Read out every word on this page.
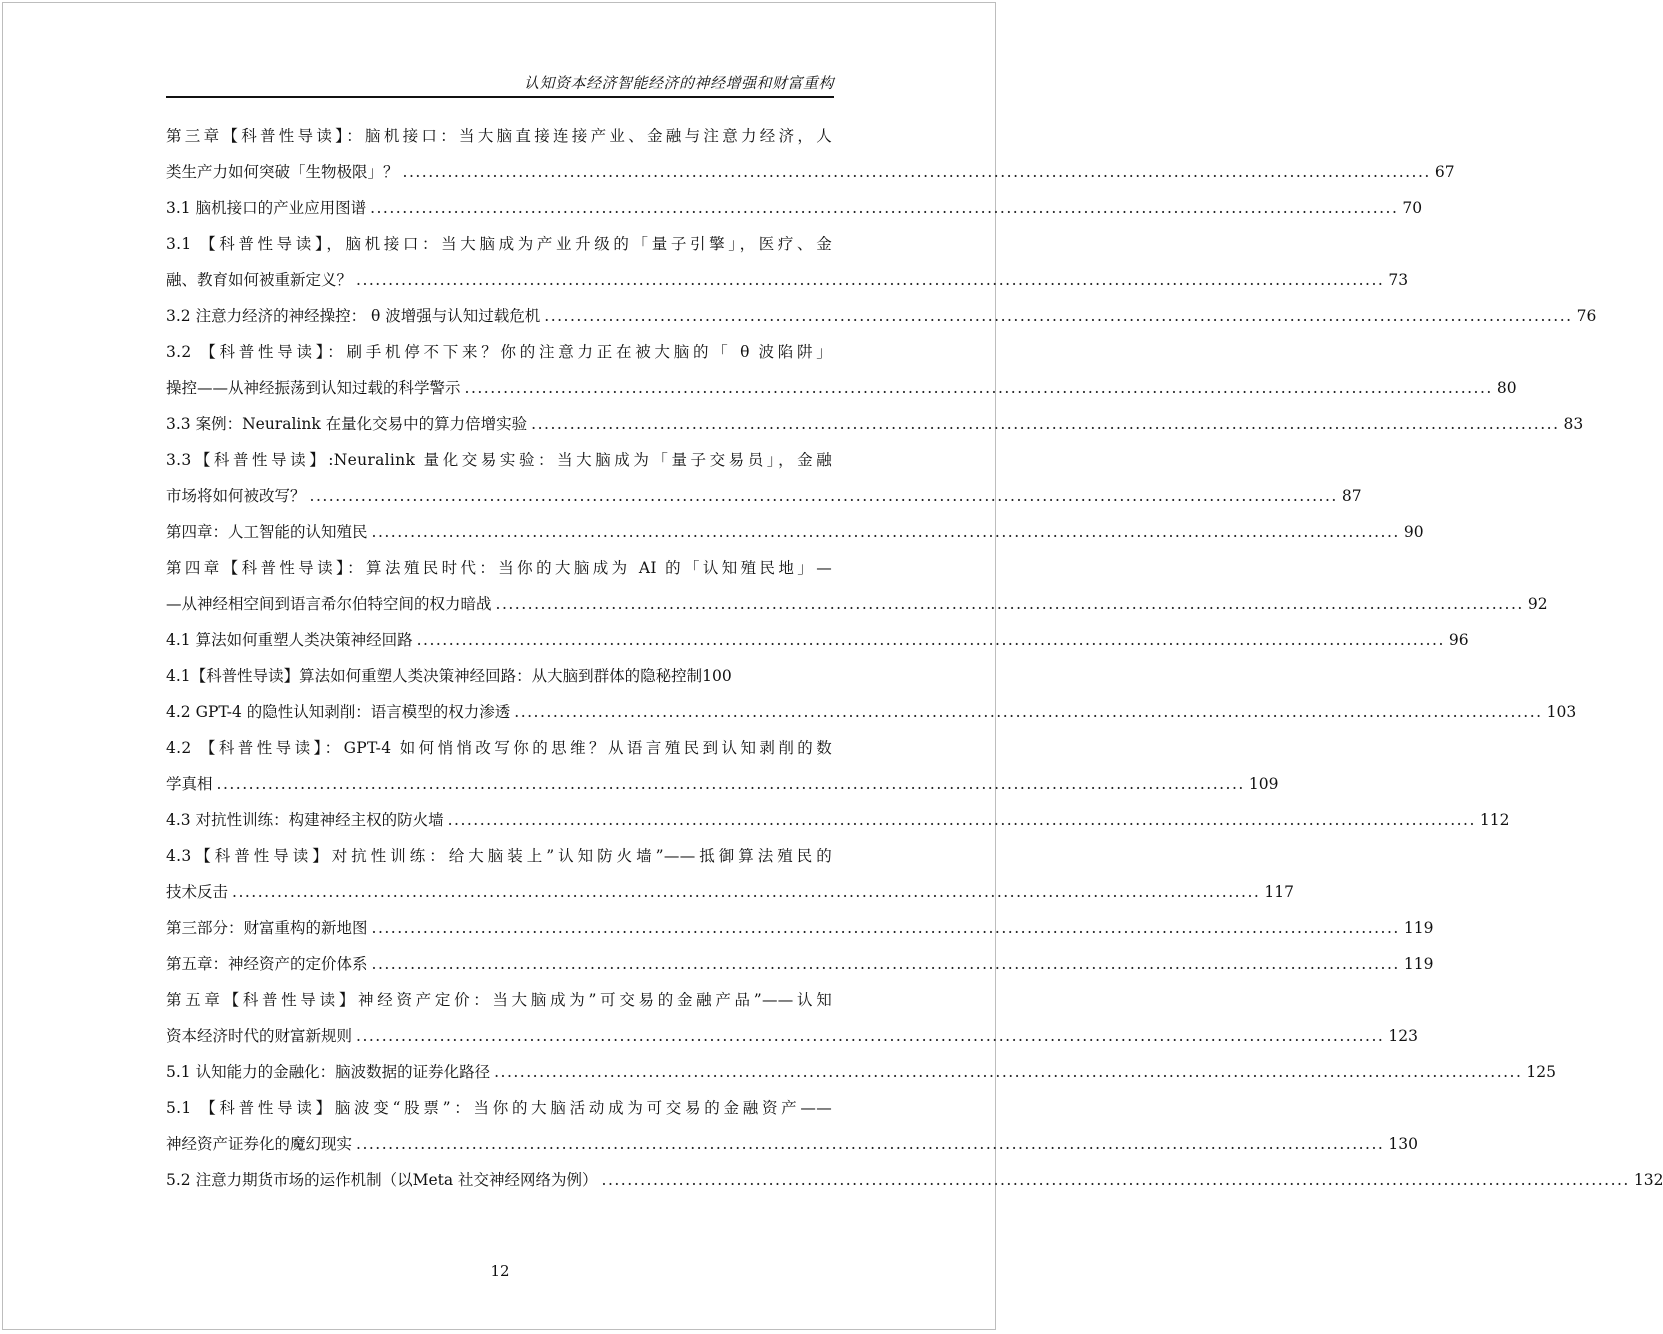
认知资本经济智能经济的神经增强和财富重构
第三章【科普性导读】：脑机接口：当大脑直接连接产业、金融与注意力经济，人
类生产力如何突破「生物极限」？ ................................................................................................................................................................ 67
3.1 脑机接口的产业应用图谱 ................................................................................................................................................................ 70
3.1 【科普性导读】，脑机接口：当大脑成为产业升级的「量子引擎」，医疗、金
融、教育如何被重新定义？ ................................................................................................................................................................ 73
3.2 注意力经济的神经操控： θ 波增强与认知过载危机 ................................................................................................................................................................ 76
3.2 【科普性导读】：刷手机停不下来？你的注意力正在被大脑的「 θ 波陷阱」
操控——从神经振荡到认知过载的科学警示 ................................................................................................................................................................ 80
3.3 案例：Neuralink 在量化交易中的算力倍增实验 ................................................................................................................................................................ 83
3.3【科普性导读】:Neuralink 量化交易实验：当大脑成为「量子交易员」，金融
市场将如何被改写？ ................................................................................................................................................................ 87
第四章：人工智能的认知殖民 ................................................................................................................................................................ 90
第四章【科普性导读】：算法殖民时代：当你的大脑成为 AI 的「认知殖民地」—
—从神经相空间到语言希尔伯特空间的权力暗战 ................................................................................................................................................................ 92
4.1 算法如何重塑人类决策神经回路 ................................................................................................................................................................ 96
4.1【科普性导读】算法如何重塑人类决策神经回路：从大脑到群体的隐秘控制 100
4.2 GPT-4 的隐性认知剥削：语言模型的权力渗透 ................................................................................................................................................................ 103
4.2 【科普性导读】：GPT-4 如何悄悄改写你的思维？从语言殖民到认知剥削的数
学真相 ................................................................................................................................................................ 109
4.3 对抗性训练：构建神经主权的防火墙 ................................................................................................................................................................ 112
4.3【科普性导读】对抗性训练：给大脑装上”认知防火墙”——抵御算法殖民的
技术反击 ................................................................................................................................................................ 117
第三部分：财富重构的新地图 ................................................................................................................................................................ 119
第五章：神经资产的定价体系 ................................................................................................................................................................ 119
第五章【科普性导读】神经资产定价：当大脑成为”可交易的金融产品”——认知
资本经济时代的财富新规则 ................................................................................................................................................................ 123
5.1 认知能力的金融化：脑波数据的证券化路径 ................................................................................................................................................................ 125
5.1 【科普性导读】脑波变“股票”：当你的大脑活动成为可交易的金融资产——
神经资产证券化的魔幻现实 ................................................................................................................................................................ 130
5.2 注意力期货市场的运作机制（以Meta 社交神经网络为例） ................................................................................................................................................................ 132
12
